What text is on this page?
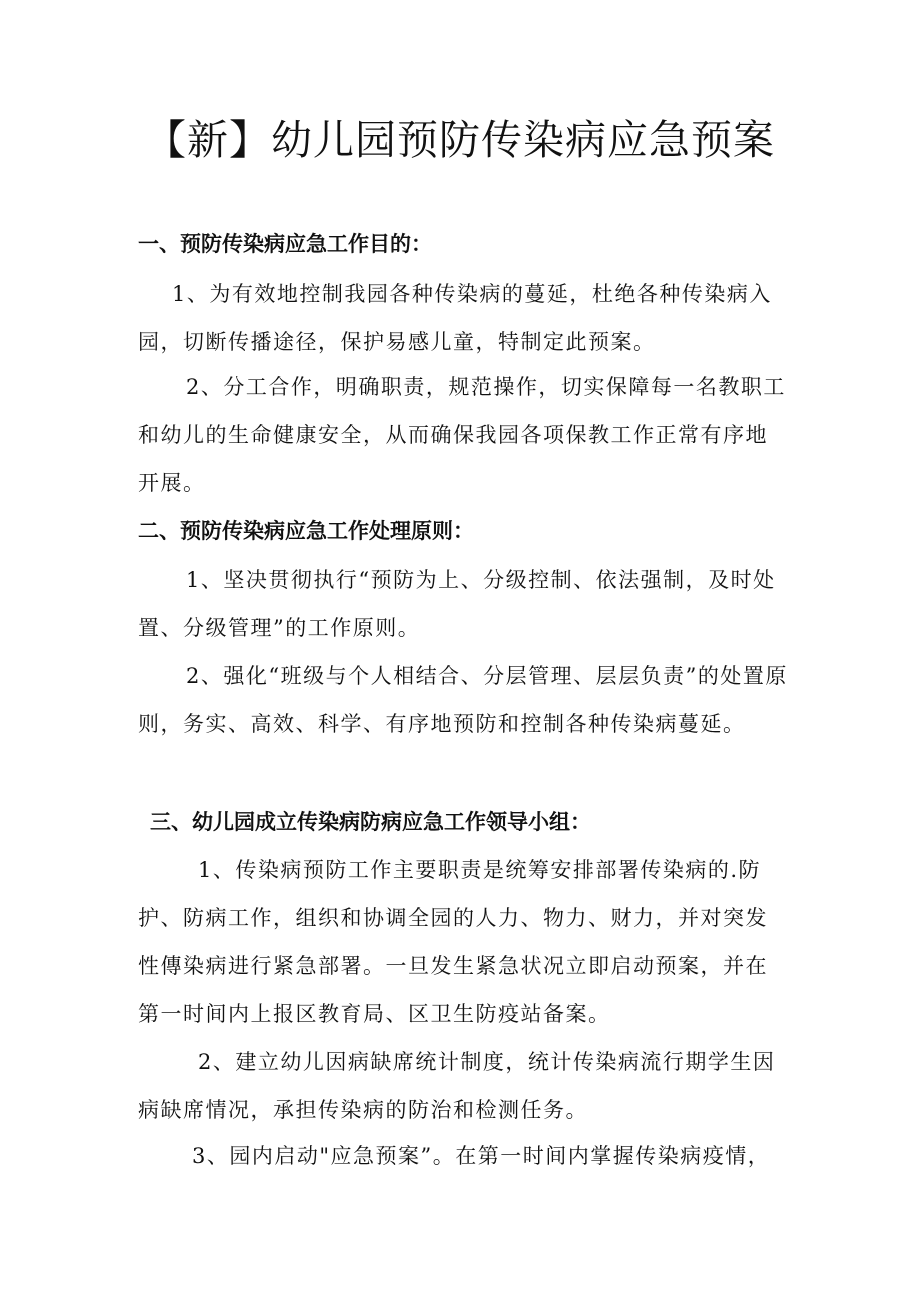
【新】幼儿园预防传染病应急预案
一、预防传染病应急工作目的：

1、为有效地控制我园各种传染病的蔓延，杜绝各种传染病入园，切断传播途径，保护易感儿童，特制定此预案。

2、分工合作，明确职责，规范操作，切实保障每一名教职工和幼儿的生命健康安全，从而确保我园各项保教工作正常有序地开展。

二、预防传染病应急工作处理原则：

1、坚决贯彻执行“预防为上、分级控制、依法强制，及时处置、分级管理”的工作原则。

2、强化“班级与个人相结合、分层管理、层层负责”的处置原则，务实、高效、科学、有序地预防和控制各种传染病蔓延。

三、幼儿园成立传染病防病应急工作领导小组：

1、传染病预防工作主要职责是统筹安排部署传染病的.防护、防病工作，组织和协调全园的人力、物力、财力，并对突发性傳染病进行紧急部署。一旦发生紧急状况立即启动预案，并在第一时间内上报区教育局、区卫生防疫站备案。

2、建立幼儿因病缺席统计制度，统计传染病流行期学生因病缺席情况，承担传染病的防治和检测任务。

3、园内启动"应急预案”。在第一时间内掌握传染病疫情，
